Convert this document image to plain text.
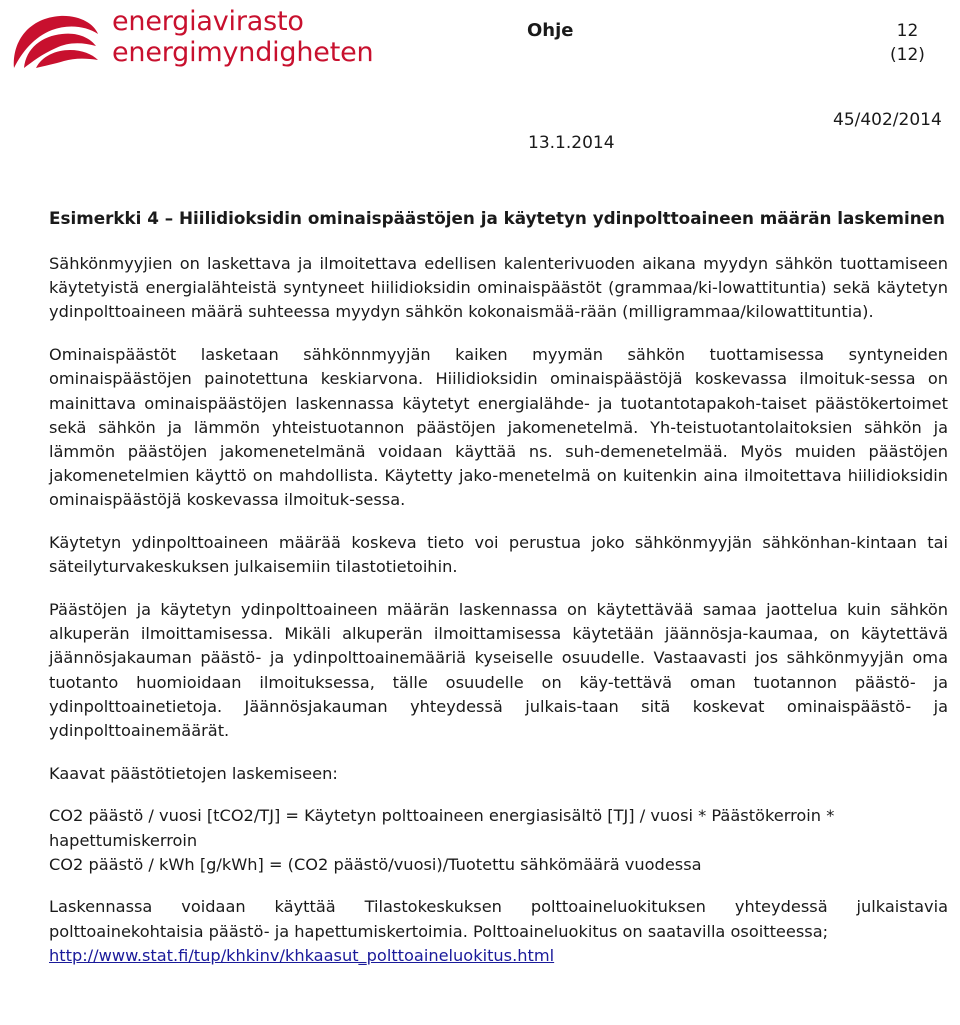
energiavirasto
energimyndigheten
Ohje	12
(12)
45/402/2014
13.1.2014
Esimerkki 4 – Hiilidioksidin ominaispäästöjen ja käytetyn ydinpolttoaineen määrän laskeminen

Sähkönmyyjien on laskettava ja ilmoitettava edellisen kalenterivuoden aikana myydyn sähkön tuottamiseen käytetyistä energialähteistä syntyneet hiilidioksidin ominaispäästöt (grammaa/ki-lowattituntia) sekä käytetyn ydinpolttoaineen määrä suhteessa myydyn sähkön kokonaismää-rään (milligrammaa/kilowattituntia).

Ominaispäästöt lasketaan sähkönnmyyjän kaiken myymän sähkön tuottamisessa syntyneiden ominaispäästöjen painotettuna keskiarvona. Hiilidioksidin ominaispäästöjä koskevassa ilmoituk-sessa on mainittava ominaispäästöjen laskennassa käytetyt energialähde- ja tuotantotapakoh-taiset päästökertoimet sekä sähkön ja lämmön yhteistuotannon päästöjen jakomenetelmä. Yh-teistuotantolaitoksien sähkön ja lämmön päästöjen jakomenetelmänä voidaan käyttää ns. suh-demenetelmää. Myös muiden päästöjen jakomenetelmien käyttö on mahdollista. Käytetty jako-menetelmä on kuitenkin aina ilmoitettava hiilidioksidin ominaispäästöjä koskevassa ilmoituk-sessa.

Käytetyn ydinpolttoaineen määrää koskeva tieto voi perustua joko sähkönmyyjän sähkönhan-kintaan tai säteilyturvakeskuksen julkaisemiin tilastotietoihin.

Päästöjen ja käytetyn ydinpolttoaineen määrän laskennassa on käytettävää samaa jaottelua kuin sähkön alkuperän ilmoittamisessa. Mikäli alkuperän ilmoittamisessa käytetään jäännösja-kaumaa, on käytettävä jäännösjakauman päästö- ja ydinpolttoainemääriä kyseiselle osuudelle. Vastaavasti jos sähkönmyyjän oma tuotanto huomioidaan ilmoituksessa, tälle osuudelle on käy-tettävä oman tuotannon päästö- ja ydinpolttoainetietoja. Jäännösjakauman yhteydessä julkais-taan sitä koskevat ominaispäästö- ja ydinpolttoainemäärät.

Kaavat päästötietojen laskemiseen:

CO2 päästö / vuosi [tCO2/TJ] = Käytetyn polttoaineen energiasisältö [TJ] / vuosi * Päästökerroin * hapettumiskerroin

CO2 päästö / kWh [g/kWh] = (CO2 päästö/vuosi)/Tuotettu sähkömäärä vuodessa

Laskennassa voidaan käyttää Tilastokeskuksen polttoaineluokituksen yhteydessä julkaistavia polttoainekohtaisia päästö- ja hapettumiskertoimia. Polttoaineluokitus on saatavilla osoitteessa;
http://www.stat.fi/tup/khkinv/khkaasut_polttoaineluokitus.html
